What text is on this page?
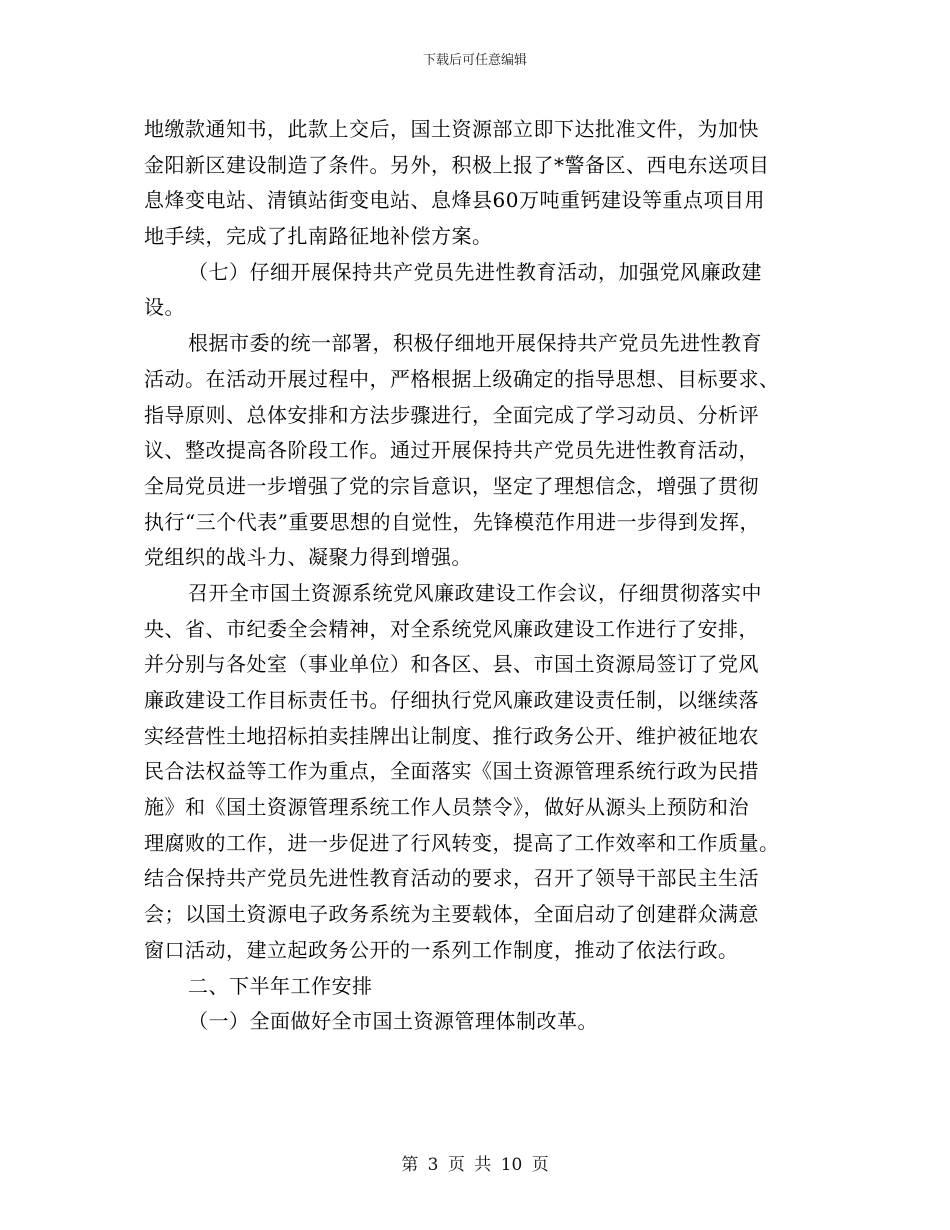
下载后可任意编辑
地缴款通知书，此款上交后，国土资源部立即下达批准文件，为加快
金阳新区建设制造了条件。另外，积极上报了*警备区、西电东送项目
息烽变电站、清镇站街变电站、息烽县60万吨重钙建设等重点项目用
地手续，完成了扎南路征地补偿方案。
（七）仔细开展保持共产党员先进性教育活动，加强党风廉政建
设。
根据市委的统一部署，积极仔细地开展保持共产党员先进性教育
活动。在活动开展过程中，严格根据上级确定的指导思想、目标要求、
指导原则、总体安排和方法步骤进行，全面完成了学习动员、分析评
议、整改提高各阶段工作。通过开展保持共产党员先进性教育活动，
全局党员进一步增强了党的宗旨意识，坚定了理想信念，增强了贯彻
执行“三个代表”重要思想的自觉性，先锋模范作用进一步得到发挥，
党组织的战斗力、凝聚力得到增强。
召开全市国土资源系统党风廉政建设工作会议，仔细贯彻落实中
央、省、市纪委全会精神，对全系统党风廉政建设工作进行了安排，
并分别与各处室（事业单位）和各区、县、市国土资源局签订了党风
廉政建设工作目标责任书。仔细执行党风廉政建设责任制，以继续落
实经营性土地招标拍卖挂牌出让制度、推行政务公开、维护被征地农
民合法权益等工作为重点，全面落实《国土资源管理系统行政为民措
施》和《国土资源管理系统工作人员禁令》，做好从源头上预防和治
理腐败的工作，进一步促进了行风转变，提高了工作效率和工作质量。
结合保持共产党员先进性教育活动的要求，召开了领导干部民主生活
会；以国土资源电子政务系统为主要载体，全面启动了创建群众满意
窗口活动，建立起政务公开的一系列工作制度，推动了依法行政。
二、下半年工作安排
（一）全面做好全市国土资源管理体制改革。
第 3 页 共 10 页
